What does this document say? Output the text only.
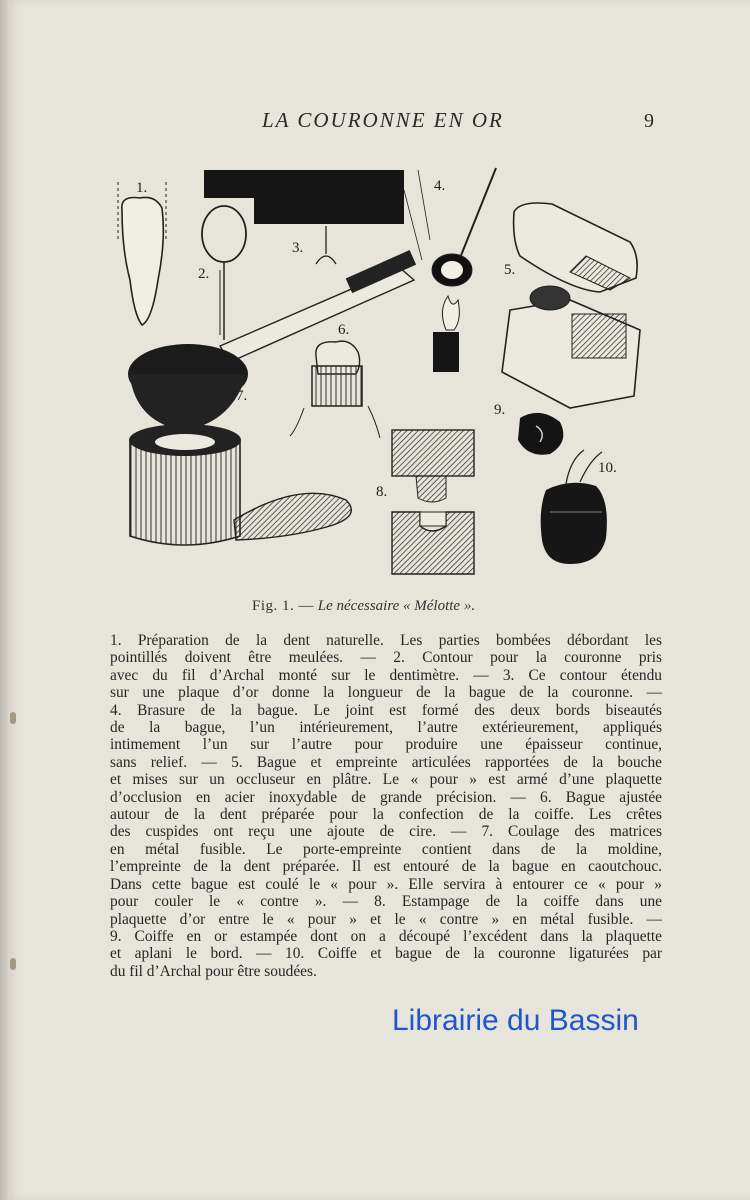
LA COURONNE EN OR	9
1.
2.
3.
4.
5.
6.
7.
8.
9.
10.
Fig. 1. — Le nécessaire « Mélotte ».
1. Préparation de la dent naturelle. Les parties bombées débordant les
pointillés doivent être meulées. — 2. Contour pour la couronne pris
avec du fil d’Archal monté sur le dentimètre. — 3. Ce contour étendu
sur une plaque d’or donne la longueur de la bague de la couronne. —
4. Brasure de la bague. Le joint est formé des deux bords biseautés
de la bague, l’un intérieurement, l’autre extérieurement, appliqués
intimement l’un sur l’autre pour produire une épaisseur continue,
sans relief. — 5. Bague et empreinte articulées rapportées de la bouche
et mises sur un occluseur en plâtre. Le « pour » est armé d’une plaquette
d’occlusion en acier inoxydable de grande précision. — 6. Bague ajustée
autour de la dent préparée pour la confection de la coiffe. Les crêtes
des cuspides ont reçu une ajoute de cire. — 7. Coulage des matrices
en métal fusible. Le porte-empreinte contient dans de la moldine,
l’empreinte de la dent préparée. Il est entouré de la bague en caoutchouc.
Dans cette bague est coulé le « pour ». Elle servira à entourer ce « pour »
pour couler le « contre ». — 8. Estampage de la coiffe dans une
plaquette d’or entre le « pour » et le « contre » en métal fusible. —
9. Coiffe en or estampée dont on a découpé l’excédent dans la plaquette
et aplani le bord. — 10. Coiffe et bague de la couronne ligaturées par
du fil d’Archal pour être soudées.
Librairie du Bassin
